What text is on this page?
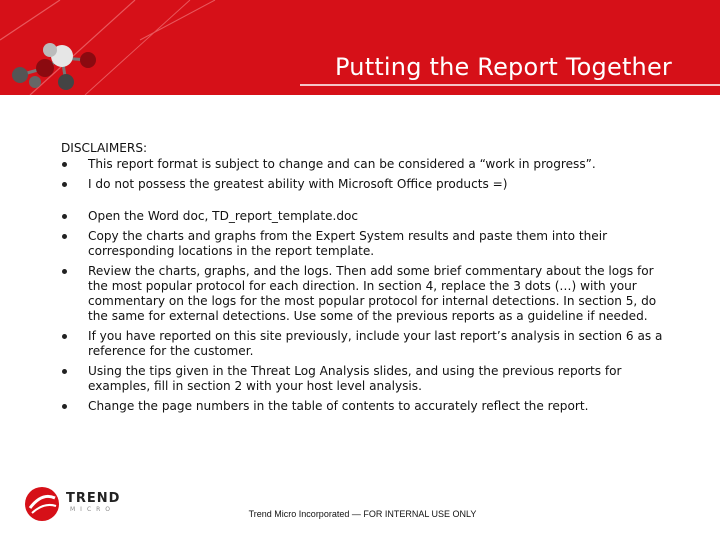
Putting the Report Together
DISCLAIMERS:
This report format is subject to change and can be considered a “work in progress”.
I do not possess the greatest ability with Microsoft Office products =)
Open the Word doc, TD_report_template.doc
Copy the charts and graphs from the Expert System results and paste them into their corresponding locations in the report template.
Review the charts, graphs, and the logs. Then add some brief commentary about the logs for the most popular protocol for each direction. In section 4, replace the 3 dots (…) with your commentary on the logs for the most popular protocol for internal detections. In section 5, do the same for external detections. Use some of the previous reports as a guideline if needed.
If you have reported on this site previously, include your last report’s analysis in section 6 as a reference for the customer.
Using the tips given in the Threat Log Analysis slides, and using the previous reports for examples, fill in section 2 with your host level analysis.
Change the page numbers in the table of contents to accurately reflect the report.
TREND
MICRO	Trend Micro Incorporated — FOR INTERNAL USE ONLY
